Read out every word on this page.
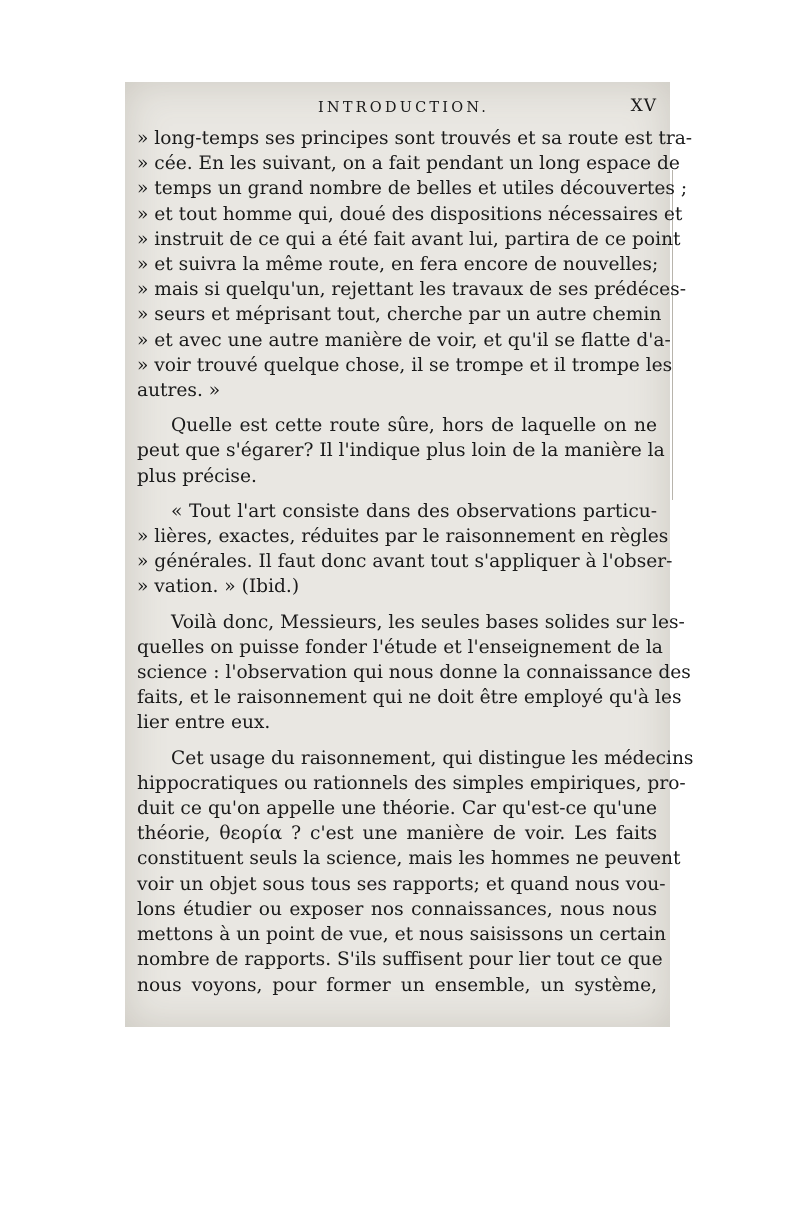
INTRODUCTION.	XV
» long-temps ses principes sont trouvés et sa route est tra-
» cée. En les suivant, on a fait pendant un long espace de
» temps un grand nombre de belles et utiles découvertes ;
» et tout homme qui, doué des dispositions nécessaires et
» instruit de ce qui a été fait avant lui, partira de ce point
» et suivra la même route, en fera encore de nouvelles;
» mais si quelqu'un, rejettant les travaux de ses prédéces-
» seurs et méprisant tout, cherche par un autre chemin
» et avec une autre manière de voir, et qu'il se flatte d'a-
» voir trouvé quelque chose, il se trompe et il trompe les
autres. »
Quelle est cette route sûre, hors de laquelle on ne
peut que s'égarer? Il l'indique plus loin de la manière la
plus précise.
« Tout l'art consiste dans des observations particu-
» lières, exactes, réduites par le raisonnement en règles
» générales. Il faut donc avant tout s'appliquer à l'obser-
» vation. » (Ibid.)
Voilà donc, Messieurs, les seules bases solides sur les-
quelles on puisse fonder l'étude et l'enseignement de la
science : l'observation qui nous donne la connaissance des
faits, et le raisonnement qui ne doit être employé qu'à les
lier entre eux.
Cet usage du raisonnement, qui distingue les médecins
hippocratiques ou rationnels des simples empiriques, pro-
duit ce qu'on appelle une théorie. Car qu'est-ce qu'une
théorie, θεορία ? c'est une manière de voir. Les faits
constituent seuls la science, mais les hommes ne peuvent
voir un objet sous tous ses rapports; et quand nous vou-
lons étudier ou exposer nos connaissances, nous nous
mettons à un point de vue, et nous saisissons un certain
nombre de rapports. S'ils suffisent pour lier tout ce que
nous voyons, pour former un ensemble, un système,
